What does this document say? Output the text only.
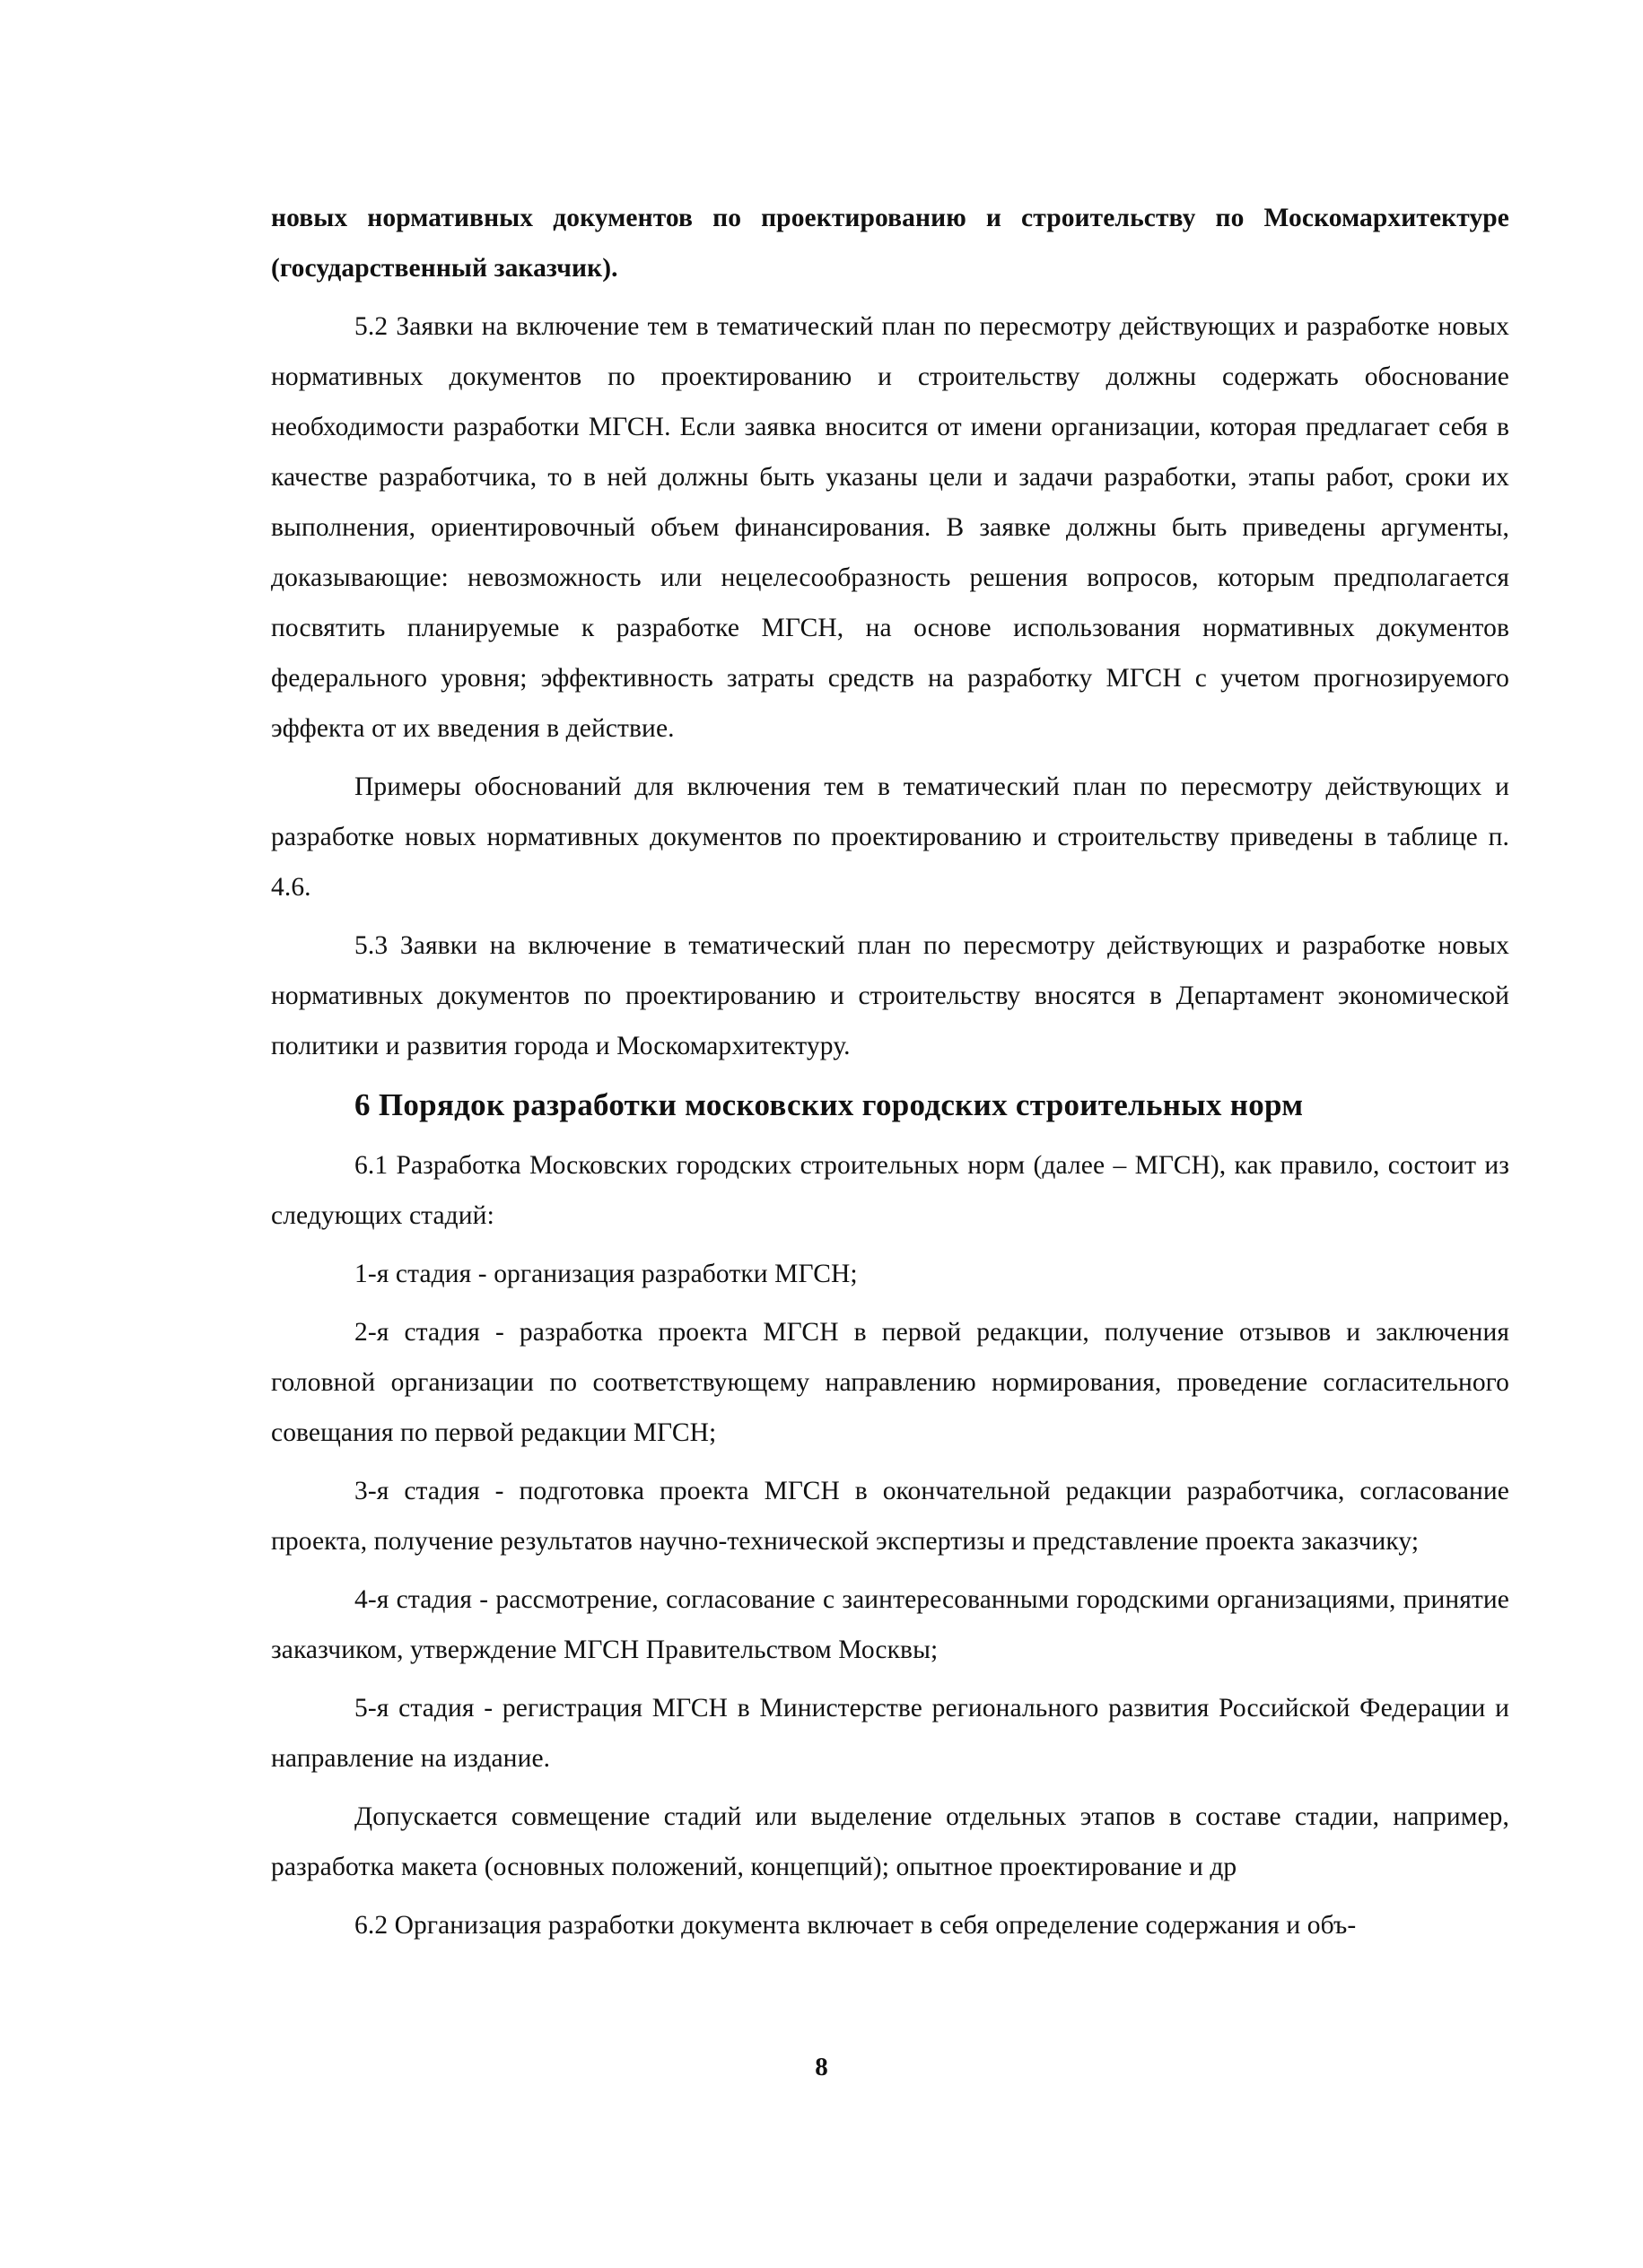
новых нормативных документов по проектированию и строительству по Москомархитектуре (государственный заказчик).

5.2 Заявки на включение тем в тематический план по пересмотру действующих и разработке новых нормативных документов по проектированию и строительству должны содержать обоснование необходимости разработки МГСН. Если заявка вносится от имени организации, которая предлагает себя в качестве разработчика, то в ней должны быть указаны цели и задачи разработки, этапы работ, сроки их выполнения, ориентировочный объем финансирования. В заявке должны быть приведены аргументы, доказывающие: невозможность или нецелесообразность решения вопросов, которым предполагается посвятить планируемые к разработке МГСН, на основе использования нормативных документов федерального уровня; эффективность затраты средств на разработку МГСН с учетом прогнозируемого эффекта от их введения в действие.

Примеры обоснований для включения тем в тематический план по пересмотру действующих и разработке новых нормативных документов по проектированию и строительству приведены в таблице п. 4.6.

5.3 Заявки на включение в тематический план по пересмотру действующих и разработке новых нормативных документов по проектированию и строительству вносятся в Департамент экономической политики и развития города и Москомархитектуру.

6 Порядок разработки московских городских строительных норм

6.1 Разработка Московских городских строительных норм (далее – МГСН), как правило, состоит из следующих стадий:

1-я стадия - организация разработки МГСН;

2-я стадия - разработка проекта МГСН в первой редакции, получение отзывов и заключения головной организации по соответствующему направлению нормирования, проведение согласительного совещания по первой редакции МГСН;

3-я стадия - подготовка проекта МГСН в окончательной редакции разработчика, согласование проекта, получение результатов научно-технической экспертизы и представление проекта заказчику;

4-я стадия - рассмотрение, согласование с заинтересованными городскими организациями, принятие заказчиком, утверждение МГСН Правительством Москвы;

5-я стадия - регистрация МГСН в Министерстве регионального развития Российской Федерации и направление на издание.

Допускается совмещение стадий или выделение отдельных этапов в составе стадии, например, разработка макета (основных положений, концепций); опытное проектирование и др

6.2 Организация разработки документа включает в себя определение содержания и объ-

8
